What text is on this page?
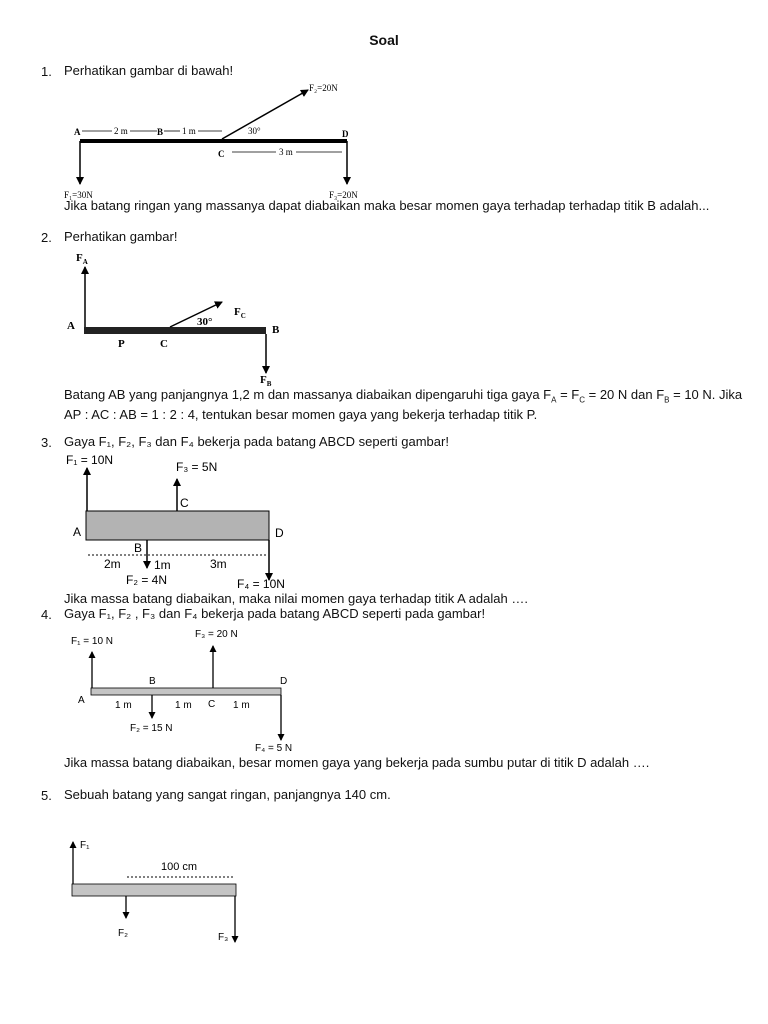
Soal
1. Perhatikan gambar di bawah!
A	2 m	B 1 m	30°	D
C	3 m
F₂=20N
F₁=30N	F₃=20N
Jika batang ringan yang massanya dapat diabaikan maka besar momen gaya terhadap terhadap titik B adalah...
2. Perhatikan gambar!
$F_A$
A
P	C
30°
$F_C$
B
$F_B$
Batang AB yang panjangnya 1,2 m dan massanya diabaikan dipengaruhi tiga gaya $F_A = F_C = 20$ N dan $F_B = 10$ N. Jika AP : AC : AB = 1 : 2 : 4, tentukan besar momen gaya yang bekerja terhadap titik P.
3. Gaya F₁, F₂, F₃ dan F₄ bekerja pada batang ABCD seperti gambar!
F₁ = 10N	F₃ = 5N
C
A	D
B
2m	1m	3m
F₂ = 4N	F₄ = 10N
Jika massa batang diabaikan, maka nilai momen gaya terhadap titik A adalah ….
4. Gaya F₁, F₂ , F₃ dan F₄ bekerja pada batang ABCD seperti pada gambar!
F₁ = 10 N
F₃ = 20 N
B	D
A	1 m	1 m C 1 m
F₂ = 15 N
F₄ = 5 N
Jika massa batang diabaikan, besar momen gaya yang bekerja pada sumbu putar di titik D adalah ….
5. Sebuah batang yang sangat ringan, panjangnya 140 cm.
F₁
100 cm
F₂	F₃
